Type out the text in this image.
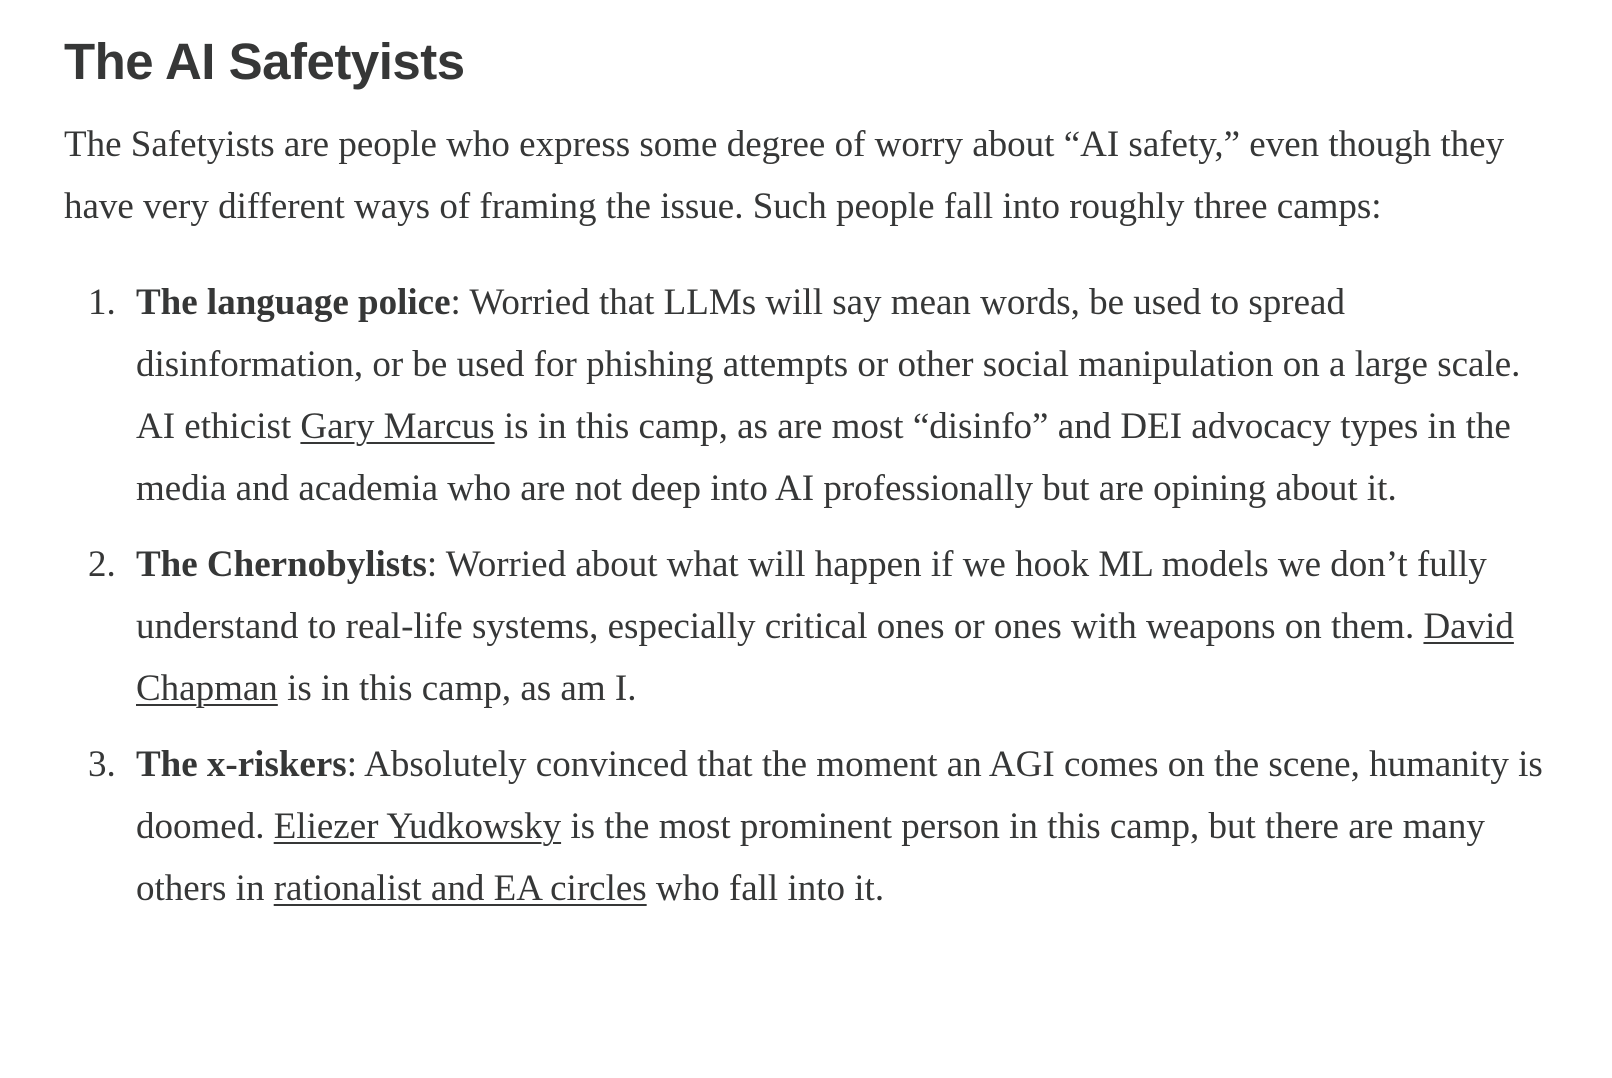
The AI Safetyists

The Safetyists are people who express some degree of worry about “AI safety,” even though they have very different ways of framing the issue. Such people fall into roughly three camps:

1. The language police: Worried that LLMs will say mean words, be used to spread disinformation, or be used for phishing attempts or other social manipulation on a large scale. AI ethicist Gary Marcus is in this camp, as are most “disinfo” and DEI advocacy types in the media and academia who are not deep into AI professionally but are opining about it.
2. The Chernobylists: Worried about what will happen if we hook ML models we don’t fully understand to real-life systems, especially critical ones or ones with weapons on them. David Chapman is in this camp, as am I.
3. The x-riskers: Absolutely convinced that the moment an AGI comes on the scene, humanity is doomed. Eliezer Yudkowsky is the most prominent person in this camp, but there are many others in rationalist and EA circles who fall into it.
